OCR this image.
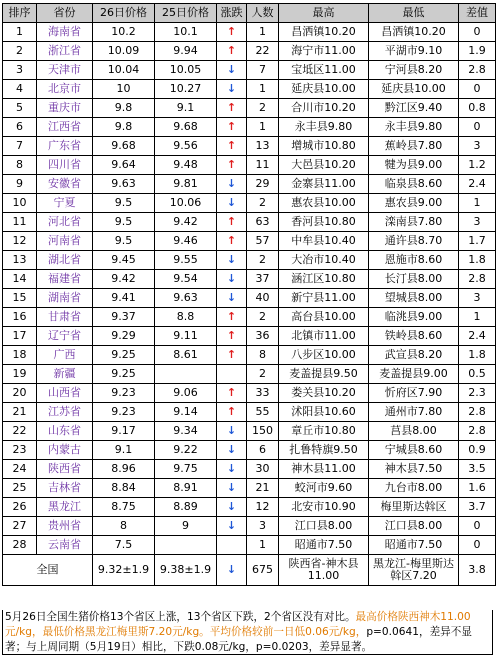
排序	省份	26日价格	25日价格	涨跌	人数	最高	最低	差值
1	海南省	10.2	10.1	↑	1	昌洒镇10.20	昌洒镇10.20	0
2	浙江省	10.09	9.94	↑	22	海宁市11.00	平湖市9.10	1.9
3	天津市	10.04	10.05	↓	7	宝坻区11.00	宁河县8.20	2.8
4	北京市	10	10.27	↓	1	延庆县10.00	延庆县10.00	0
5	重庆市	9.8	9.1	↑	2	合川市10.20	黔江区9.40	0.8
6	江西省	9.8	9.68	↑	1	永丰县9.80	永丰县9.80	0
7	广东省	9.68	9.56	↑	13	增城市10.80	蕉岭县7.80	3
8	四川省	9.64	9.48	↑	11	大邑县10.20	犍为县9.00	1.2
9	安徽省	9.63	9.81	↓	29	金寨县11.00	临泉县8.60	2.4
10	宁夏	9.5	10.06	↓	2	惠农县10.00	惠农县9.00	1
11	河北省	9.5	9.42	↑	63	香河县10.80	滦南县7.80	3
12	河南省	9.5	9.46	↑	57	中牟县10.40	通许县8.70	1.7
13	湖北省	9.45	9.55	↓	2	大冶市10.40	恩施市8.60	1.8
14	福建省	9.42	9.54	↓	37	涵江区10.80	长汀县8.00	2.8
15	湖南省	9.41	9.63	↓	40	新宁县11.00	望城县8.00	3
16	甘肃省	9.37	8.8	↑	2	高台县10.00	临洮县9.00	1
17	辽宁省	9.29	9.11	↑	36	北镇市11.00	铁岭县8.60	2.4
18	广西	9.25	8.61	↑	8	八步区10.00	武宣县8.20	1.8
19	新疆	9.25			2	麦盖提县9.50	麦盖提县9.00	0.5
20	山西省	9.23	9.06	↑	33	娄关县10.20	忻府区7.90	2.3
21	江苏省	9.23	9.14	↑	55	沭阳县10.60	通州市7.80	2.8
22	山东省	9.17	9.34	↓	150	章丘市10.80	莒县8.00	2.8
23	内蒙古	9.1	9.22	↓	6	扎鲁特旗9.50	宁城县8.60	0.9
24	陕西省	8.96	9.75	↓	30	神木县11.00	神木县7.50	3.5
25	吉林省	8.84	8.91	↓	21	蛟河市9.60	九台市8.00	1.6
26	黑龙江	8.75	8.89	↓	12	北安市10.90	梅里斯达斡区	3.7
27	贵州省	8	9	↓	3	江口县8.00	江口县8.00	0
28	云南省	7.5			1	昭通市7.50	昭通市7.50	0
全国		9.32±1.9	9.38±1.9	↓	675	陕西省-神木县11.00	黑龙江-梅里斯达斡区7.20	3.8
5月26日全国生猪价格13个省区上涨，13个省区下跌，2个省区没有对比。最高价格陕西神木11.00元/kg，最低价格黑龙江梅里斯7.20元/kg。平均价格较前一日低0.06元/kg，p=0.0641，差异不显著；与上周同期（5月19日）相比，下跌0.08元/kg，p=0.0203，差异显著。
